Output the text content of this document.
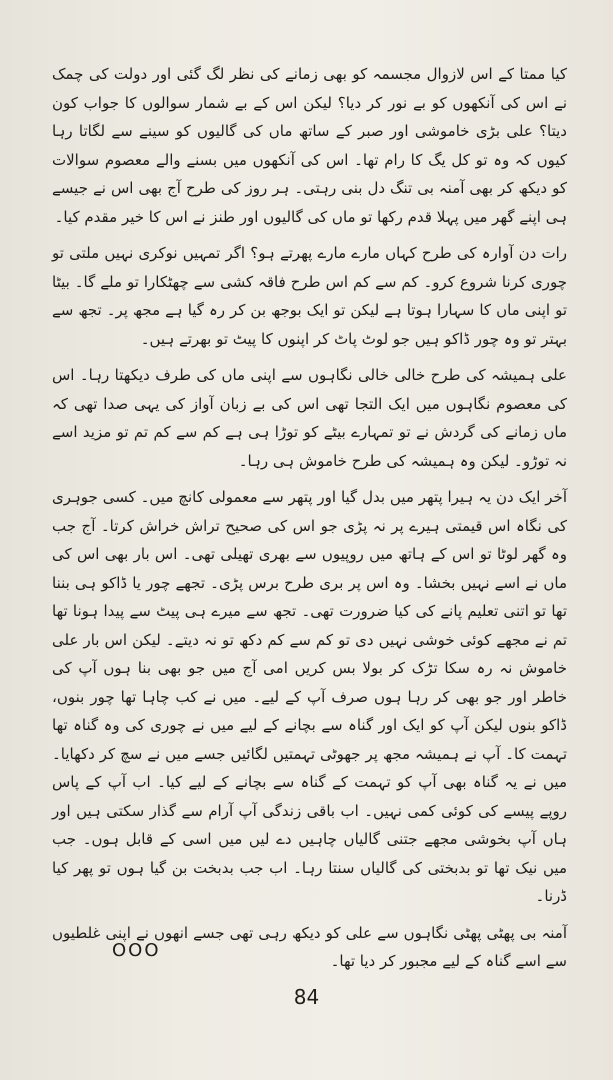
کیا ممتا کے اس لازوال مجسمہ کو بھی زمانے کی نظر لگ گئی اور دولت کی چمک نے اس کی آنکھوں کو بے نور کر دیا؟ لیکن اس کے بے شمار سوالوں کا جواب کون دیتا؟ علی بڑی خاموشی اور صبر کے ساتھ ماں کی گالیوں کو سینے سے لگاتا رہا کیوں کہ وہ تو کل یگ کا رام تھا۔ اس کی آنکھوں میں بسنے والے معصوم سوالات کو دیکھ کر بھی آمنہ بی تنگ دل بنی رہتی۔ ہر روز کی طرح آج بھی اس نے جیسے ہی اپنے گھر میں پہلا قدم رکھا تو ماں کی گالیوں اور طنز نے اس کا خیر مقدم کیا۔

رات دن آوارہ کی طرح کہاں مارے مارے پھرتے ہو؟ اگر تمہیں نوکری نہیں ملتی تو چوری کرنا شروع کرو۔ کم سے کم اس طرح فاقہ کشی سے چھٹکارا تو ملے گا۔ بیٹا تو اپنی ماں کا سہارا ہوتا ہے لیکن تو ایک بوجھ بن کر رہ گیا ہے مجھ پر۔ تجھ سے بہتر تو وہ چور ڈاکو ہیں جو لوٹ پاٹ کر اپنوں کا پیٹ تو بھرتے ہیں۔

علی ہمیشہ کی طرح خالی خالی نگاہوں سے اپنی ماں کی طرف دیکھتا رہا۔ اس کی معصوم نگاہوں میں ایک التجا تھی اس کی بے زبان آواز کی یہی صدا تھی کہ ماں زمانے کی گردش نے تو تمہارے بیٹے کو توڑا ہی ہے کم سے کم تم تو مزید اسے نہ توڑو۔ لیکن وہ ہمیشہ کی طرح خاموش ہی رہا۔

آخر ایک دن یہ ہیرا پتھر میں بدل گیا اور پتھر سے معمولی کانچ میں۔ کسی جوہری کی نگاہ اس قیمتی ہیرے پر نہ پڑی جو اس کی صحیح تراش خراش کرتا۔ آج جب وہ گھر لوٹا تو اس کے ہاتھ میں روپیوں سے بھری تھیلی تھی۔ اس بار بھی اس کی ماں نے اسے نہیں بخشا۔ وہ اس پر بری طرح برس پڑی۔ تجھے چور یا ڈاکو ہی بننا تھا تو اتنی تعلیم پانے کی کیا ضرورت تھی۔ تجھ سے میرے ہی پیٹ سے پیدا ہونا تھا تم نے مجھے کوئی خوشی نہیں دی تو کم سے کم دکھ تو نہ دیتے۔ لیکن اس بار علی خاموش نہ رہ سکا تڑک کر بولا بس کریں امی آج میں جو بھی بنا ہوں آپ کی خاطر اور جو بھی کر رہا ہوں صرف آپ کے لیے۔ میں نے کب چاہا تھا چور بنوں، ڈاکو بنوں لیکن آپ کو ایک اور گناہ سے بچانے کے لیے میں نے چوری کی وہ گناہ تھا تہمت کا۔ آپ نے ہمیشہ مجھ پر جھوٹی تہمتیں لگائیں جسے میں نے سچ کر دکھایا۔ میں نے یہ گناہ بھی آپ کو تہمت کے گناہ سے بچانے کے لیے کیا۔ اب آپ کے پاس روپے پیسے کی کوئی کمی نہیں۔ اب باقی زندگی آپ آرام سے گذار سکتی ہیں اور ہاں آپ بخوشی مجھے جتنی گالیاں چاہیں دے لیں میں اسی کے قابل ہوں۔ جب میں نیک تھا تو بدبختی کی گالیاں سنتا رہا۔ اب جب بدبخت بن گیا ہوں تو پھر کیا ڈرنا۔

آمنہ بی پھٹی پھٹی نگاہوں سے علی کو دیکھ رہی تھی جسے انھوں نے اپنی غلطیوں سے اسے گناہ کے لیے مجبور کر دیا تھا۔

OOO
84
